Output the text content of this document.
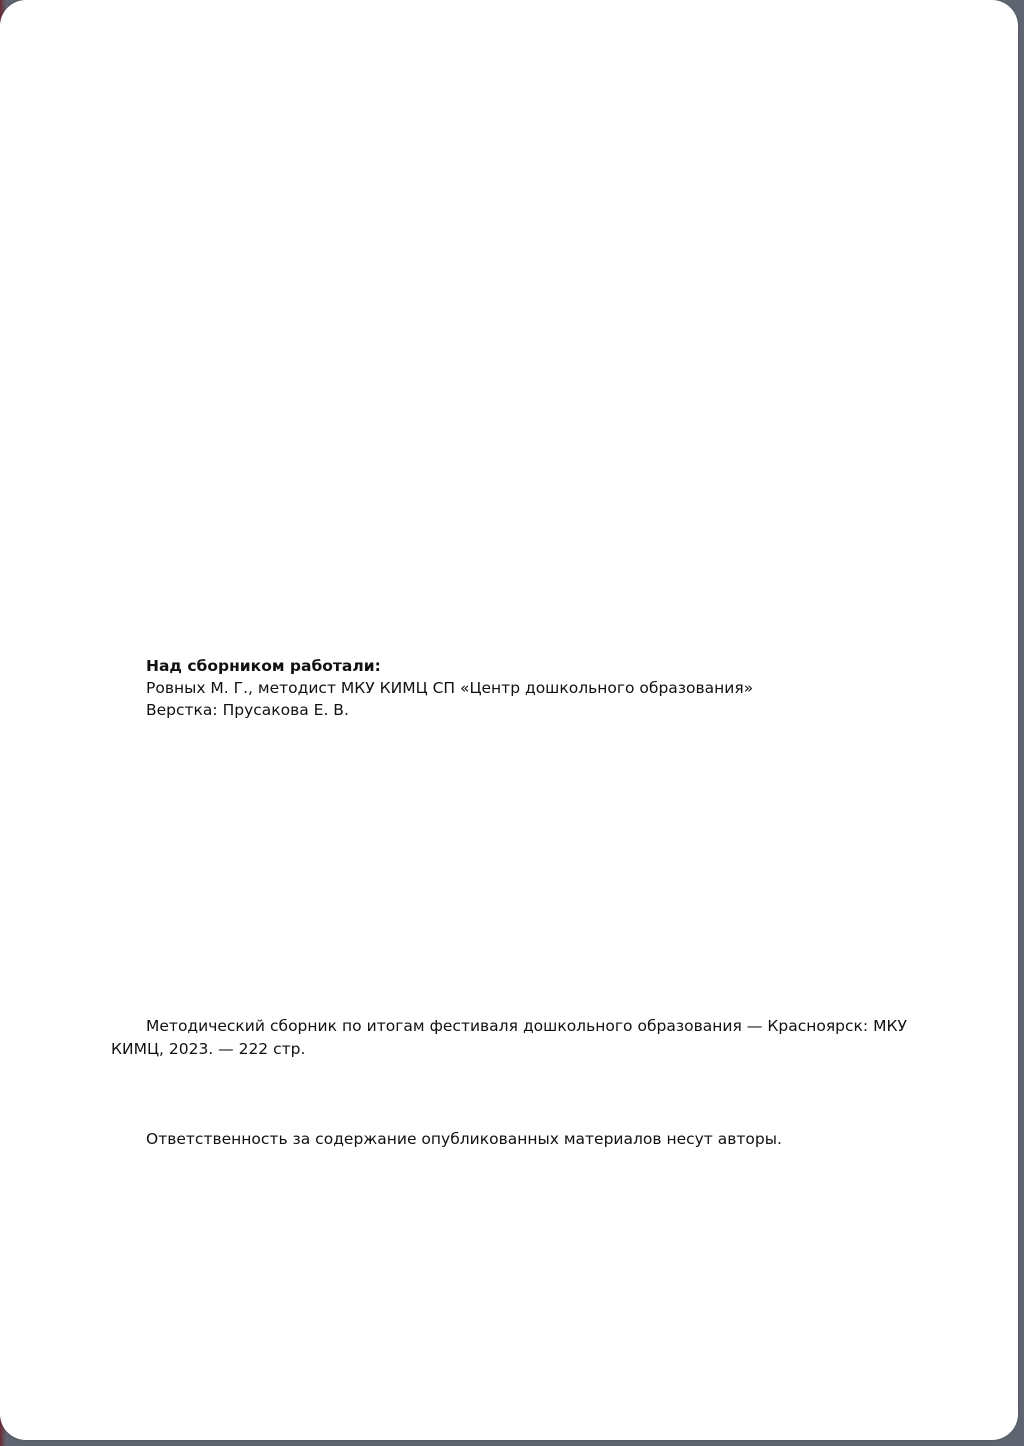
Над сборником работали:
Ровных М. Г., методист МКУ КИМЦ СП «Центр дошкольного образования»
Верстка: Прусакова Е. В.

Методический сборник по итогам фестиваля дошкольного образования — Красноярск: МКУ КИМЦ, 2023. — 222 стр.

Ответственность за содержание опубликованных материалов несут авторы.
